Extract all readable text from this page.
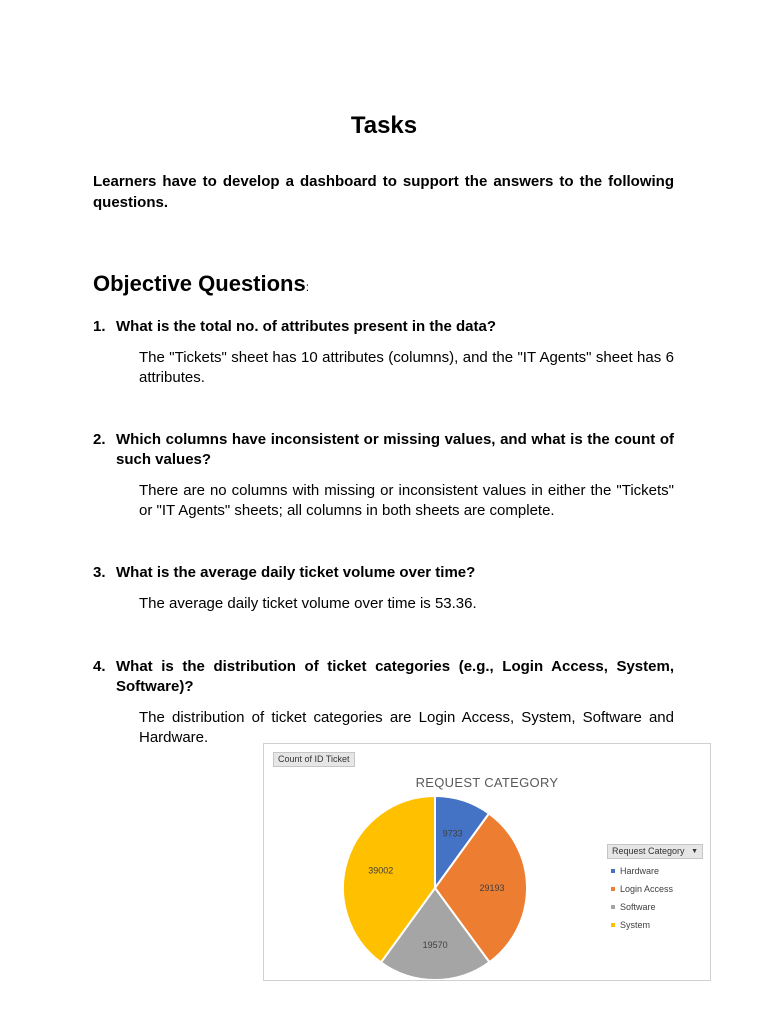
Tasks

Learners have to develop a dashboard to support the answers to the following questions.

Objective Questions:
1. What is the total no. of attributes present in the data?

The "Tickets" sheet has 10 attributes (columns), and the "IT Agents" sheet has 6 attributes.

2. Which columns have inconsistent or missing values, and what is the count of such values?

There are no columns with missing or inconsistent values in either the "Tickets" or "IT Agents" sheets; all columns in both sheets are complete.

3. What is the average daily ticket volume over time?

The average daily ticket volume over time is 53.36.

4. What is the distribution of ticket categories (e.g., Login Access, System, Software)?

The distribution of ticket categories are Login Access, System, Software and Hardware.

Count of ID Ticket
REQUEST CATEGORY
9733
29193
19570
39002
Request Category ▼
Hardware
Login Access
Software
System
